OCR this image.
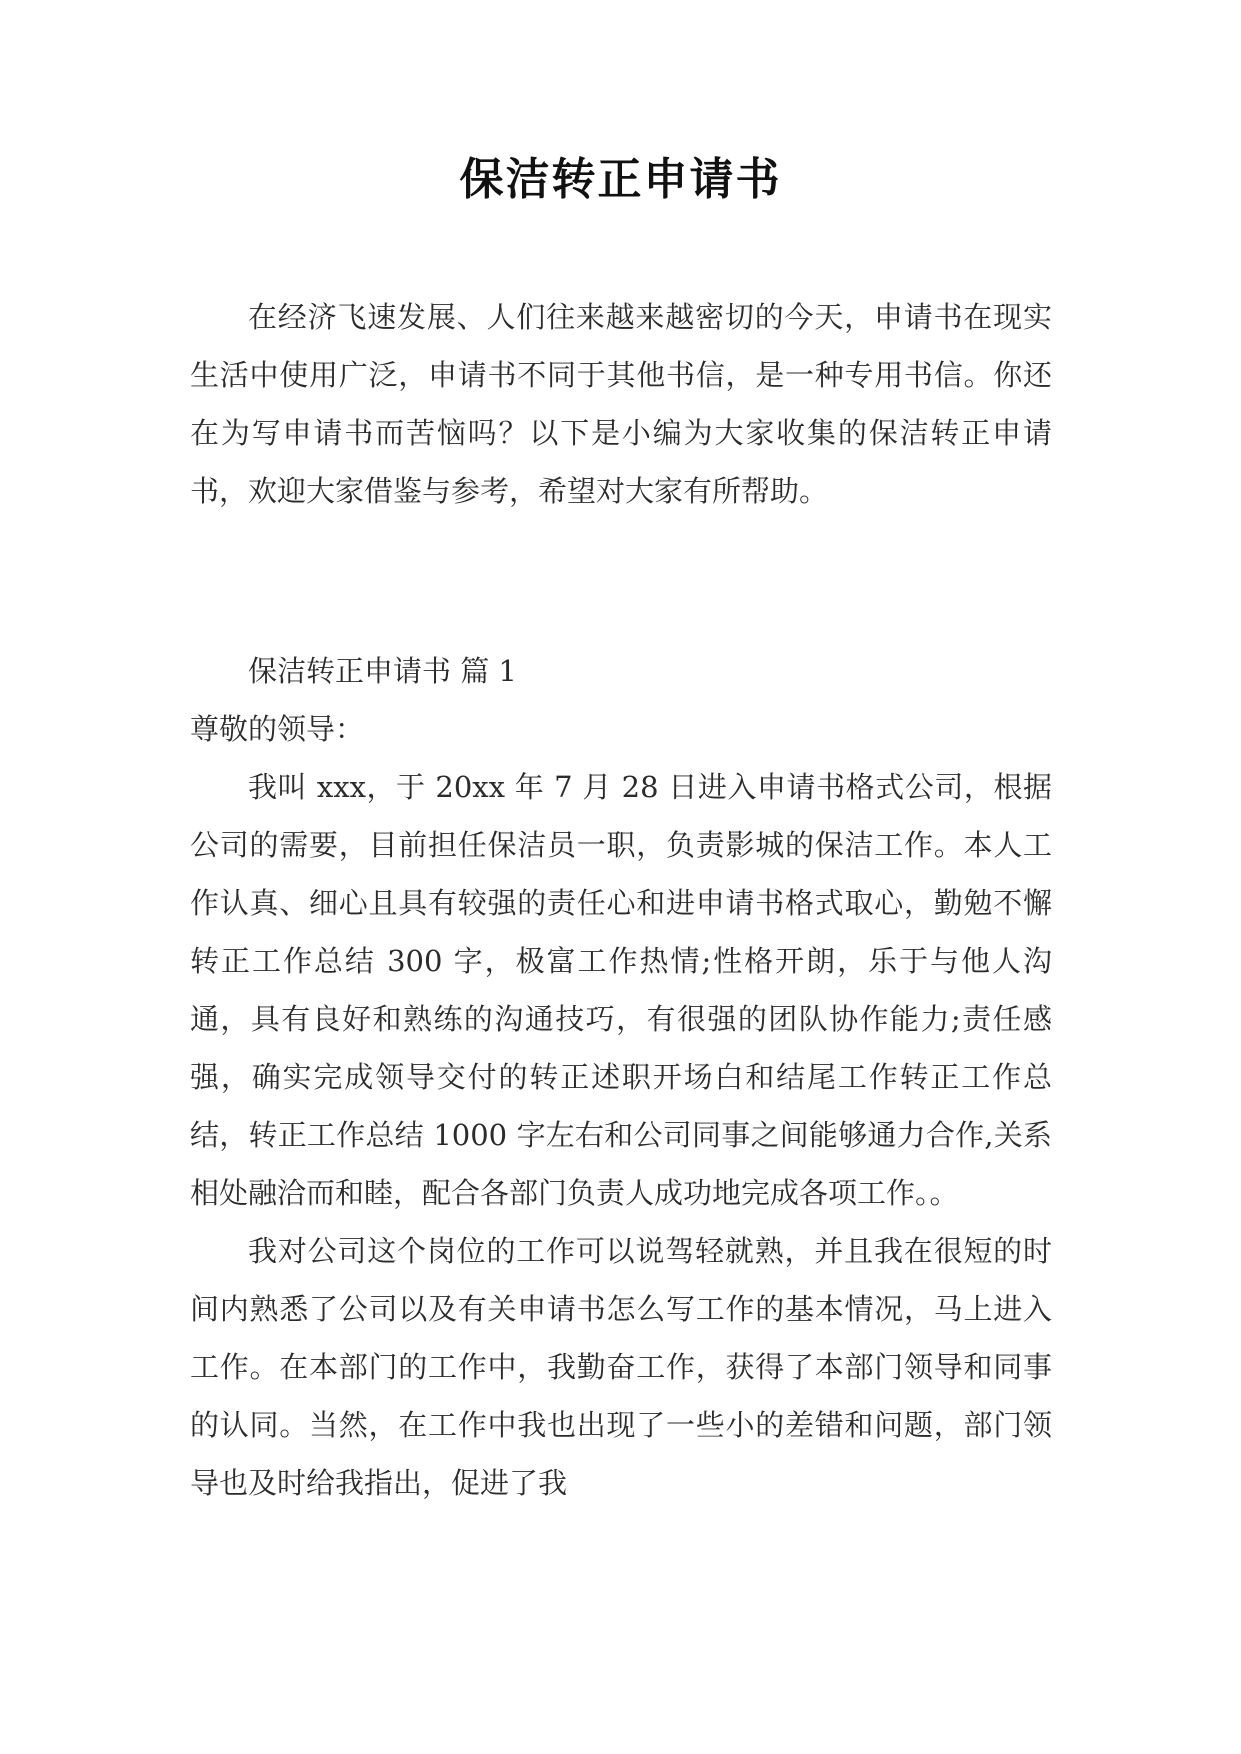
保洁转正申请书

在经济飞速发展、人们往来越来越密切的今天，申请书在现实生活中使用广泛，申请书不同于其他书信，是一种专用书信。你还在为写申请书而苦恼吗？以下是小编为大家收集的保洁转正申请书，欢迎大家借鉴与参考，希望对大家有所帮助。

保洁转正申请书 篇 1
尊敬的领导：

我叫 xxx，于 20xx 年 7 月 28 日进入申请书格式公司，根据公司的需要，目前担任保洁员一职，负责影城的保洁工作。本人工作认真、细心且具有较强的责任心和进申请书格式取心，勤勉不懈转正工作总结 300 字，极富工作热情;性格开朗，乐于与他人沟通，具有良好和熟练的沟通技巧，有很强的团队协作能力;责任感强，确实完成领导交付的转正述职开场白和结尾工作转正工作总结，转正工作总结 1000 字左右和公司同事之间能够通力合作,关系相处融洽而和睦，配合各部门负责人成功地完成各项工作。。

我对公司这个岗位的工作可以说驾轻就熟，并且我在很短的时间内熟悉了公司以及有关申请书怎么写工作的基本情况，马上进入工作。在本部门的工作中，我勤奋工作，获得了本部门领导和同事的认同。当然，在工作中我也出现了一些小的差错和问题，部门领导也及时给我指出，促进了我
